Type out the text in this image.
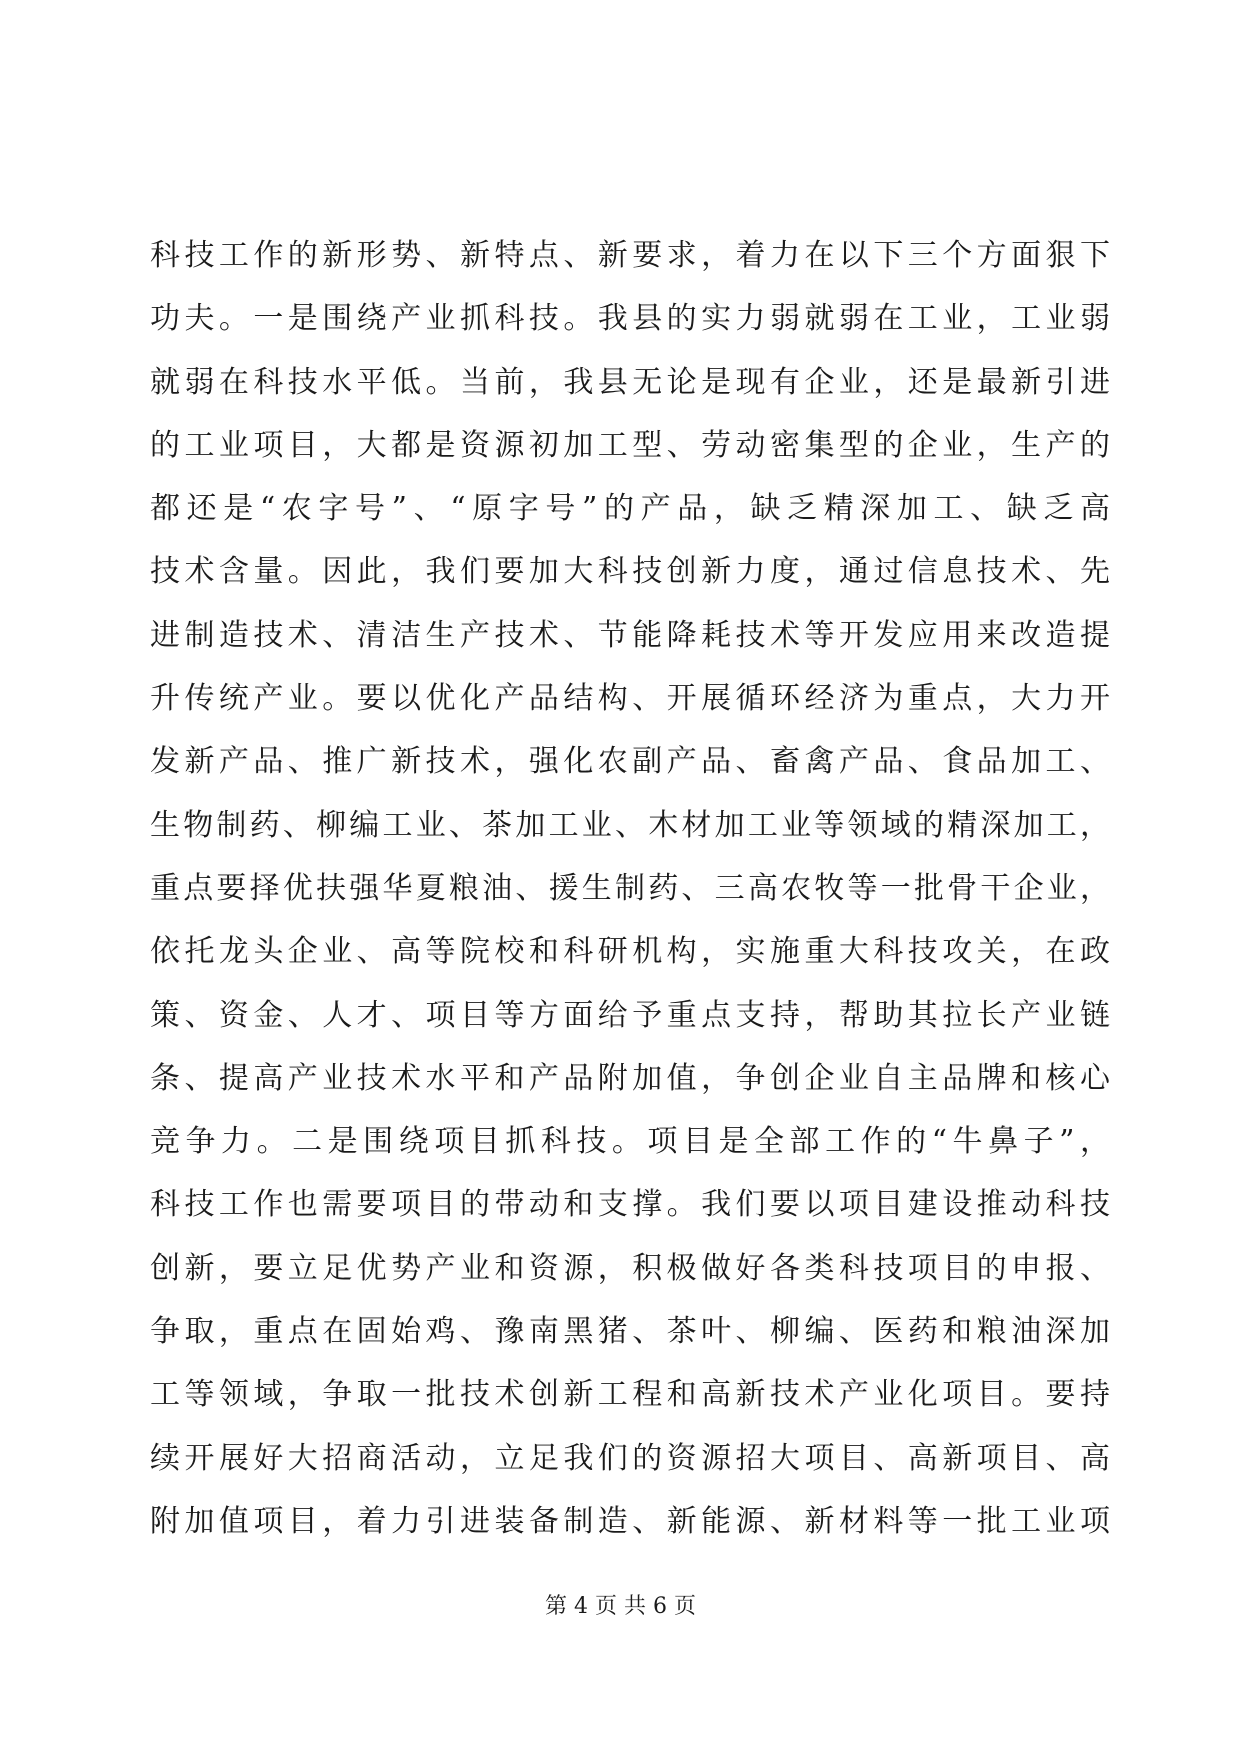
科技工作的新形势、新特点、新要求，着力在以下三个方面狠下
功夫。一是围绕产业抓科技。我县的实力弱就弱在工业，工业弱
就弱在科技水平低。当前，我县无论是现有企业，还是最新引进
的工业项目，大都是资源初加工型、劳动密集型的企业，生产的
都还是“农字号”、“原字号”的产品，缺乏精深加工、缺乏高
技术含量。因此，我们要加大科技创新力度，通过信息技术、先
进制造技术、清洁生产技术、节能降耗技术等开发应用来改造提
升传统产业。要以优化产品结构、开展循环经济为重点，大力开
发新产品、推广新技术，强化农副产品、畜禽产品、食品加工、
生物制药、柳编工业、茶加工业、木材加工业等领域的精深加工，
重点要择优扶强华夏粮油、援生制药、三高农牧等一批骨干企业，
依托龙头企业、高等院校和科研机构，实施重大科技攻关，在政
策、资金、人才、项目等方面给予重点支持，帮助其拉长产业链
条、提高产业技术水平和产品附加值，争创企业自主品牌和核心
竞争力。二是围绕项目抓科技。项目是全部工作的“牛鼻子”，
科技工作也需要项目的带动和支撑。我们要以项目建设推动科技
创新，要立足优势产业和资源，积极做好各类科技项目的申报、
争取，重点在固始鸡、豫南黑猪、茶叶、柳编、医药和粮油深加
工等领域，争取一批技术创新工程和高新技术产业化项目。要持
续开展好大招商活动，立足我们的资源招大项目、高新项目、高
附加值项目，着力引进装备制造、新能源、新材料等一批工业项
第 4 页 共 6 页
